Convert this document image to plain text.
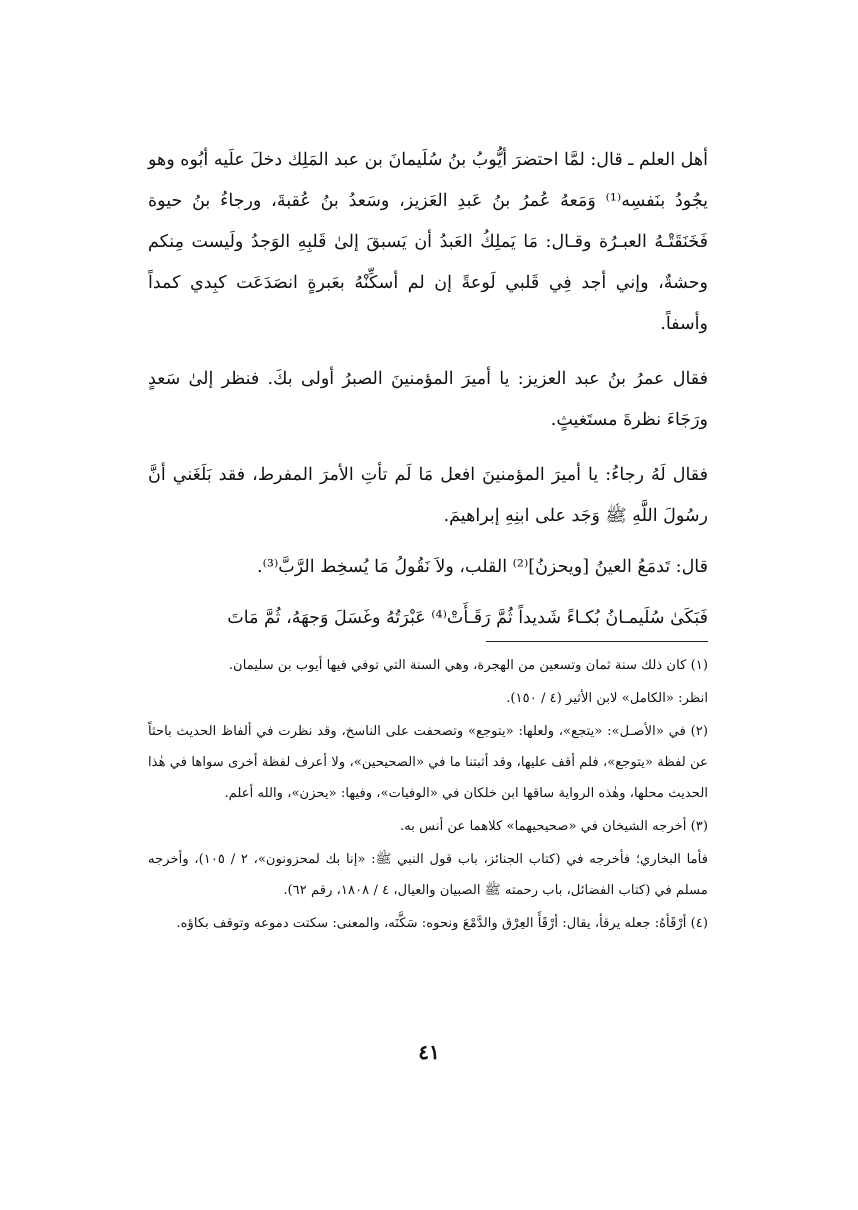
أهل العلم ـ قال: لمَّا احتضرَ أيُّوبُ بنُ سُلَيمانَ بن عبد المَلِك دخلَ علَيه أبُوه وهو يجُودُ بنَفسِه⁽¹⁾ وَمَعهُ عُمرُ بنُ عَبدِ العَزيز، وسَعدُ بنُ عُقبةَ، ورجاءُ بنُ حيوة فَخَنَقَتْـهُ العبـرُة وقـال: مَا يَملِكُ العَبدُ أن يَسبقَ إلىٰ قَلبِهِ الوَجدُ ولَيست مِنكم وحشةٌ، وإني أجد فِي قَلبي لَوعةً إن لم أسكِّنْهُ بعَبرةٍ انصَدَعَت كبِدي كمداً وأسفاً.

فقال عمرُ بنُ عبد العزيز: يا أميرَ المؤمنينَ الصبرُ أولى بكَ. فنظر إلىٰ سَعدٍ ورَجَاءَ نظرةَ مستَغيثٍ.

فقال لَهُ رجاءُ: يا أميرَ المؤمنينَ افعل مَا لَم تأتِ الأمرَ المفرط، فقد بَلَغَني أنَّ رسُولَ اللَّهِ ﷺ وَجَد على ابنِهِ إبراهيمَ.

قال: تَدمَعُ العينُ [ويحزنُ]⁽²⁾ القلب، ولاَ نَقُولُ مَا يُسخِط الرَّبَّ⁽³⁾.

فَبَكَىٰ سُلَيمـانُ بُكـاءً شَديداً ثُمَّ رَقَـأَتْ⁽⁴⁾ عَبْرَتُهُ وغَسَلَ وَجهَهُ، ثُمَّ مَاتَ

(١) كان ذلك سنة ثمان وتسعين من الهجرة، وهي السنة التي توفي فيها أيوب بن سليمان.

انظر: «الكامل» لابن الأثير (٤ / ١٥٠).

(٢) في «الأصـل»: «يتجع»، ولعلها: «يتوجع» وتصحفت على الناسخ، وقد نظرت في ألفاظ الحديث باحثاً عن لفظة «يتوجع»، فلم أقف عليها، وقد أثبتنا ما في «الصحيحين»، ولا أعرف لفظة أخرى سواها في هٰذا الحديث محلها، وهٰذه الرواية ساقها ابن خلكان في «الوفيات»، وفيها: «يحزن»، والله أعلم.

(٣) أخرجه الشيخان في «صحيحيهما» كلاهما عن أنس به.

فأما البخاري؛ فأخرجه في (كتاب الجنائز، باب قول النبي ﷺ: «إنا بك لمحزونون»، ٢ / ١٠٥)، وأخرجه مسلم في (كتاب الفضائل، باب رحمته ﷺ الصبيان والعيال، ٤ / ١٨٠٨، رقم ٦٢).

(٤) أرْقَأهُ: جعله يرقأ، يقال: أرْقَأَ العِرْق والدَّمْعَ ونحوه: سَكَّنَه، والمعنى: سكتت دموعه وتوقف بكاؤه.

٤١
